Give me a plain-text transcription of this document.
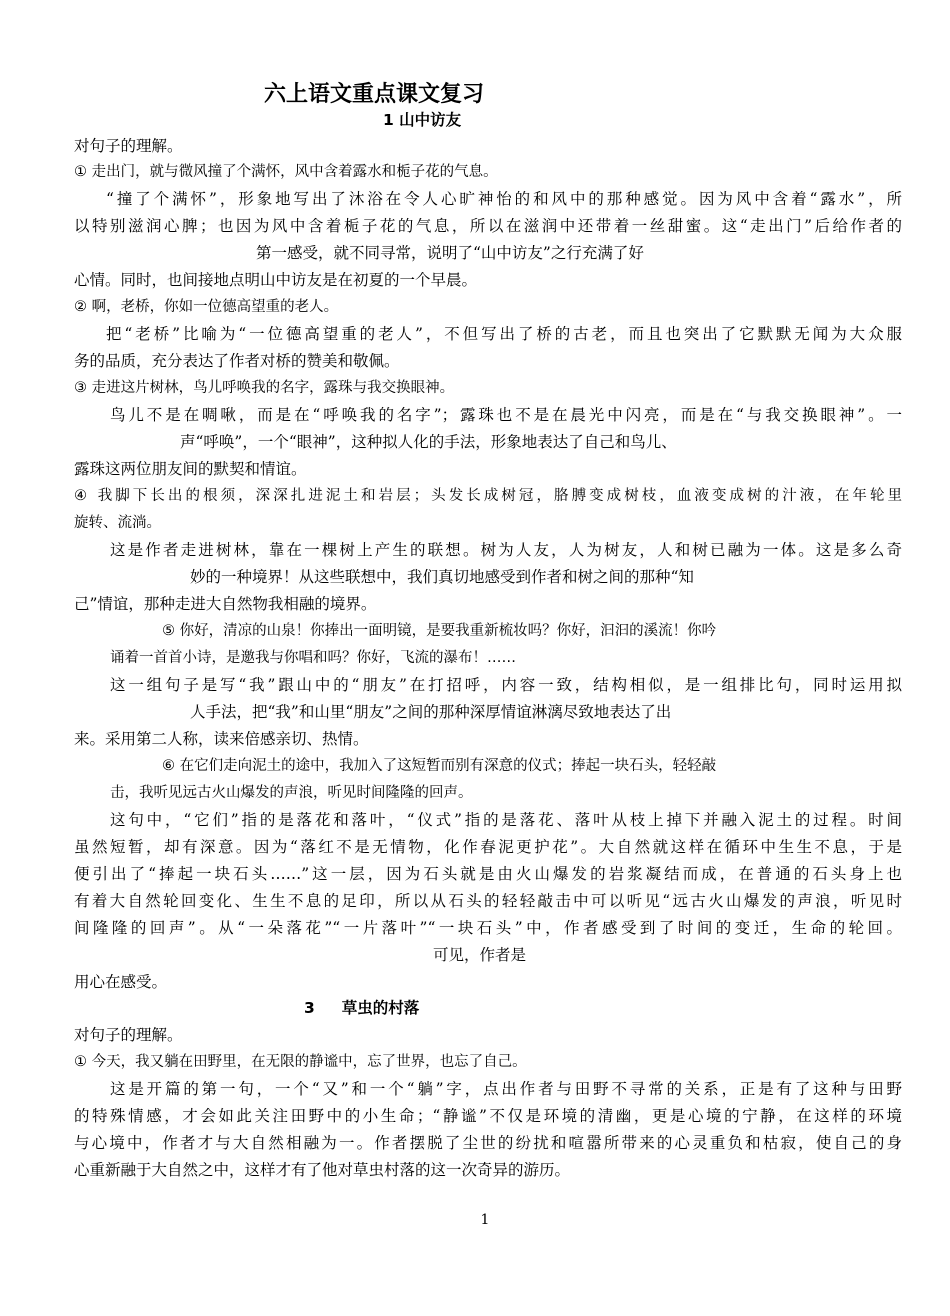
六上语文重点课文复习
1 山中访友
对句子的理解。
① 走出门，就与微风撞了个满怀，风中含着露水和栀子花的气息。
“撞了个满怀”，形象地写出了沐浴在令人心旷神怡的和风中的那种感觉。因为风中含着“露水”，所
以特别滋润心脾；也因为风中含着栀子花的气息，所以在滋润中还带着一丝甜蜜。这“走出门”后给作者的
第一感受，就不同寻常，说明了“山中访友”之行充满了好
心情。同时，也间接地点明山中访友是在初夏的一个早晨。
② 啊，老桥，你如一位德高望重的老人。
把“老桥”比喻为“一位德高望重的老人”，不但写出了桥的古老，而且也突出了它默默无闻为大众服
务的品质，充分表达了作者对桥的赞美和敬佩。
③ 走进这片树林，鸟儿呼唤我的名字，露珠与我交换眼神。
鸟儿不是在啁啾，而是在“呼唤我的名字”；露珠也不是在晨光中闪亮，而是在“与我交换眼神”。一
声“呼唤”，一个“眼神”，这种拟人化的手法，形象地表达了自己和鸟儿、
露珠这两位朋友间的默契和情谊。
④ 我脚下长出的根须，深深扎进泥土和岩层；头发长成树冠，胳膊变成树枝，血液变成树的汁液，在年轮里
旋转、流淌。
这是作者走进树林，靠在一棵树上产生的联想。树为人友，人为树友，人和树已融为一体。这是多么奇
妙的一种境界！从这些联想中，我们真切地感受到作者和树之间的那种“知
己”情谊，那种走进大自然物我相融的境界。
⑤ 你好，清凉的山泉！你捧出一面明镜，是要我重新梳妆吗？你好，汩汩的溪流！你吟
诵着一首首小诗，是邀我与你唱和吗？你好，飞流的瀑布！……
这一组句子是写“我”跟山中的“朋友”在打招呼，内容一致，结构相似，是一组排比句，同时运用拟
人手法，把“我”和山里“朋友”之间的那种深厚情谊淋漓尽致地表达了出
来。采用第二人称，读来倍感亲切、热情。
⑥ 在它们走向泥土的途中，我加入了这短暂而别有深意的仪式；捧起一块石头，轻轻敲
击，我听见远古火山爆发的声浪，听见时间隆隆的回声。
这句中，“它们”指的是落花和落叶，“仪式”指的是落花、落叶从枝上掉下并融入泥土的过程。时间
虽然短暂，却有深意。因为“落红不是无情物，化作春泥更护花”。大自然就这样在循环中生生不息，于是
便引出了“捧起一块石头……”这一层，因为石头就是由火山爆发的岩浆凝结而成，在普通的石头身上也
有着大自然轮回变化、生生不息的足印，所以从石头的轻轻敲击中可以听见“远古火山爆发的声浪，听见时
间隆隆的回声”。从“一朵落花”“一片落叶”“一块石头”中，作者感受到了时间的变迁，生命的轮回。
可见，作者是
用心在感受。
3     草虫的村落
对句子的理解。
① 今天，我又躺在田野里，在无限的静谧中，忘了世界，也忘了自己。
这是开篇的第一句，一个“又”和一个“躺”字，点出作者与田野不寻常的关系，正是有了这种与田野
的特殊情感，才会如此关注田野中的小生命；“静谧”不仅是环境的清幽，更是心境的宁静，在这样的环境
与心境中，作者才与大自然相融为一。作者摆脱了尘世的纷扰和喧嚣所带来的心灵重负和枯寂，使自己的身
心重新融于大自然之中，这样才有了他对草虫村落的这一次奇异的游历。
1
